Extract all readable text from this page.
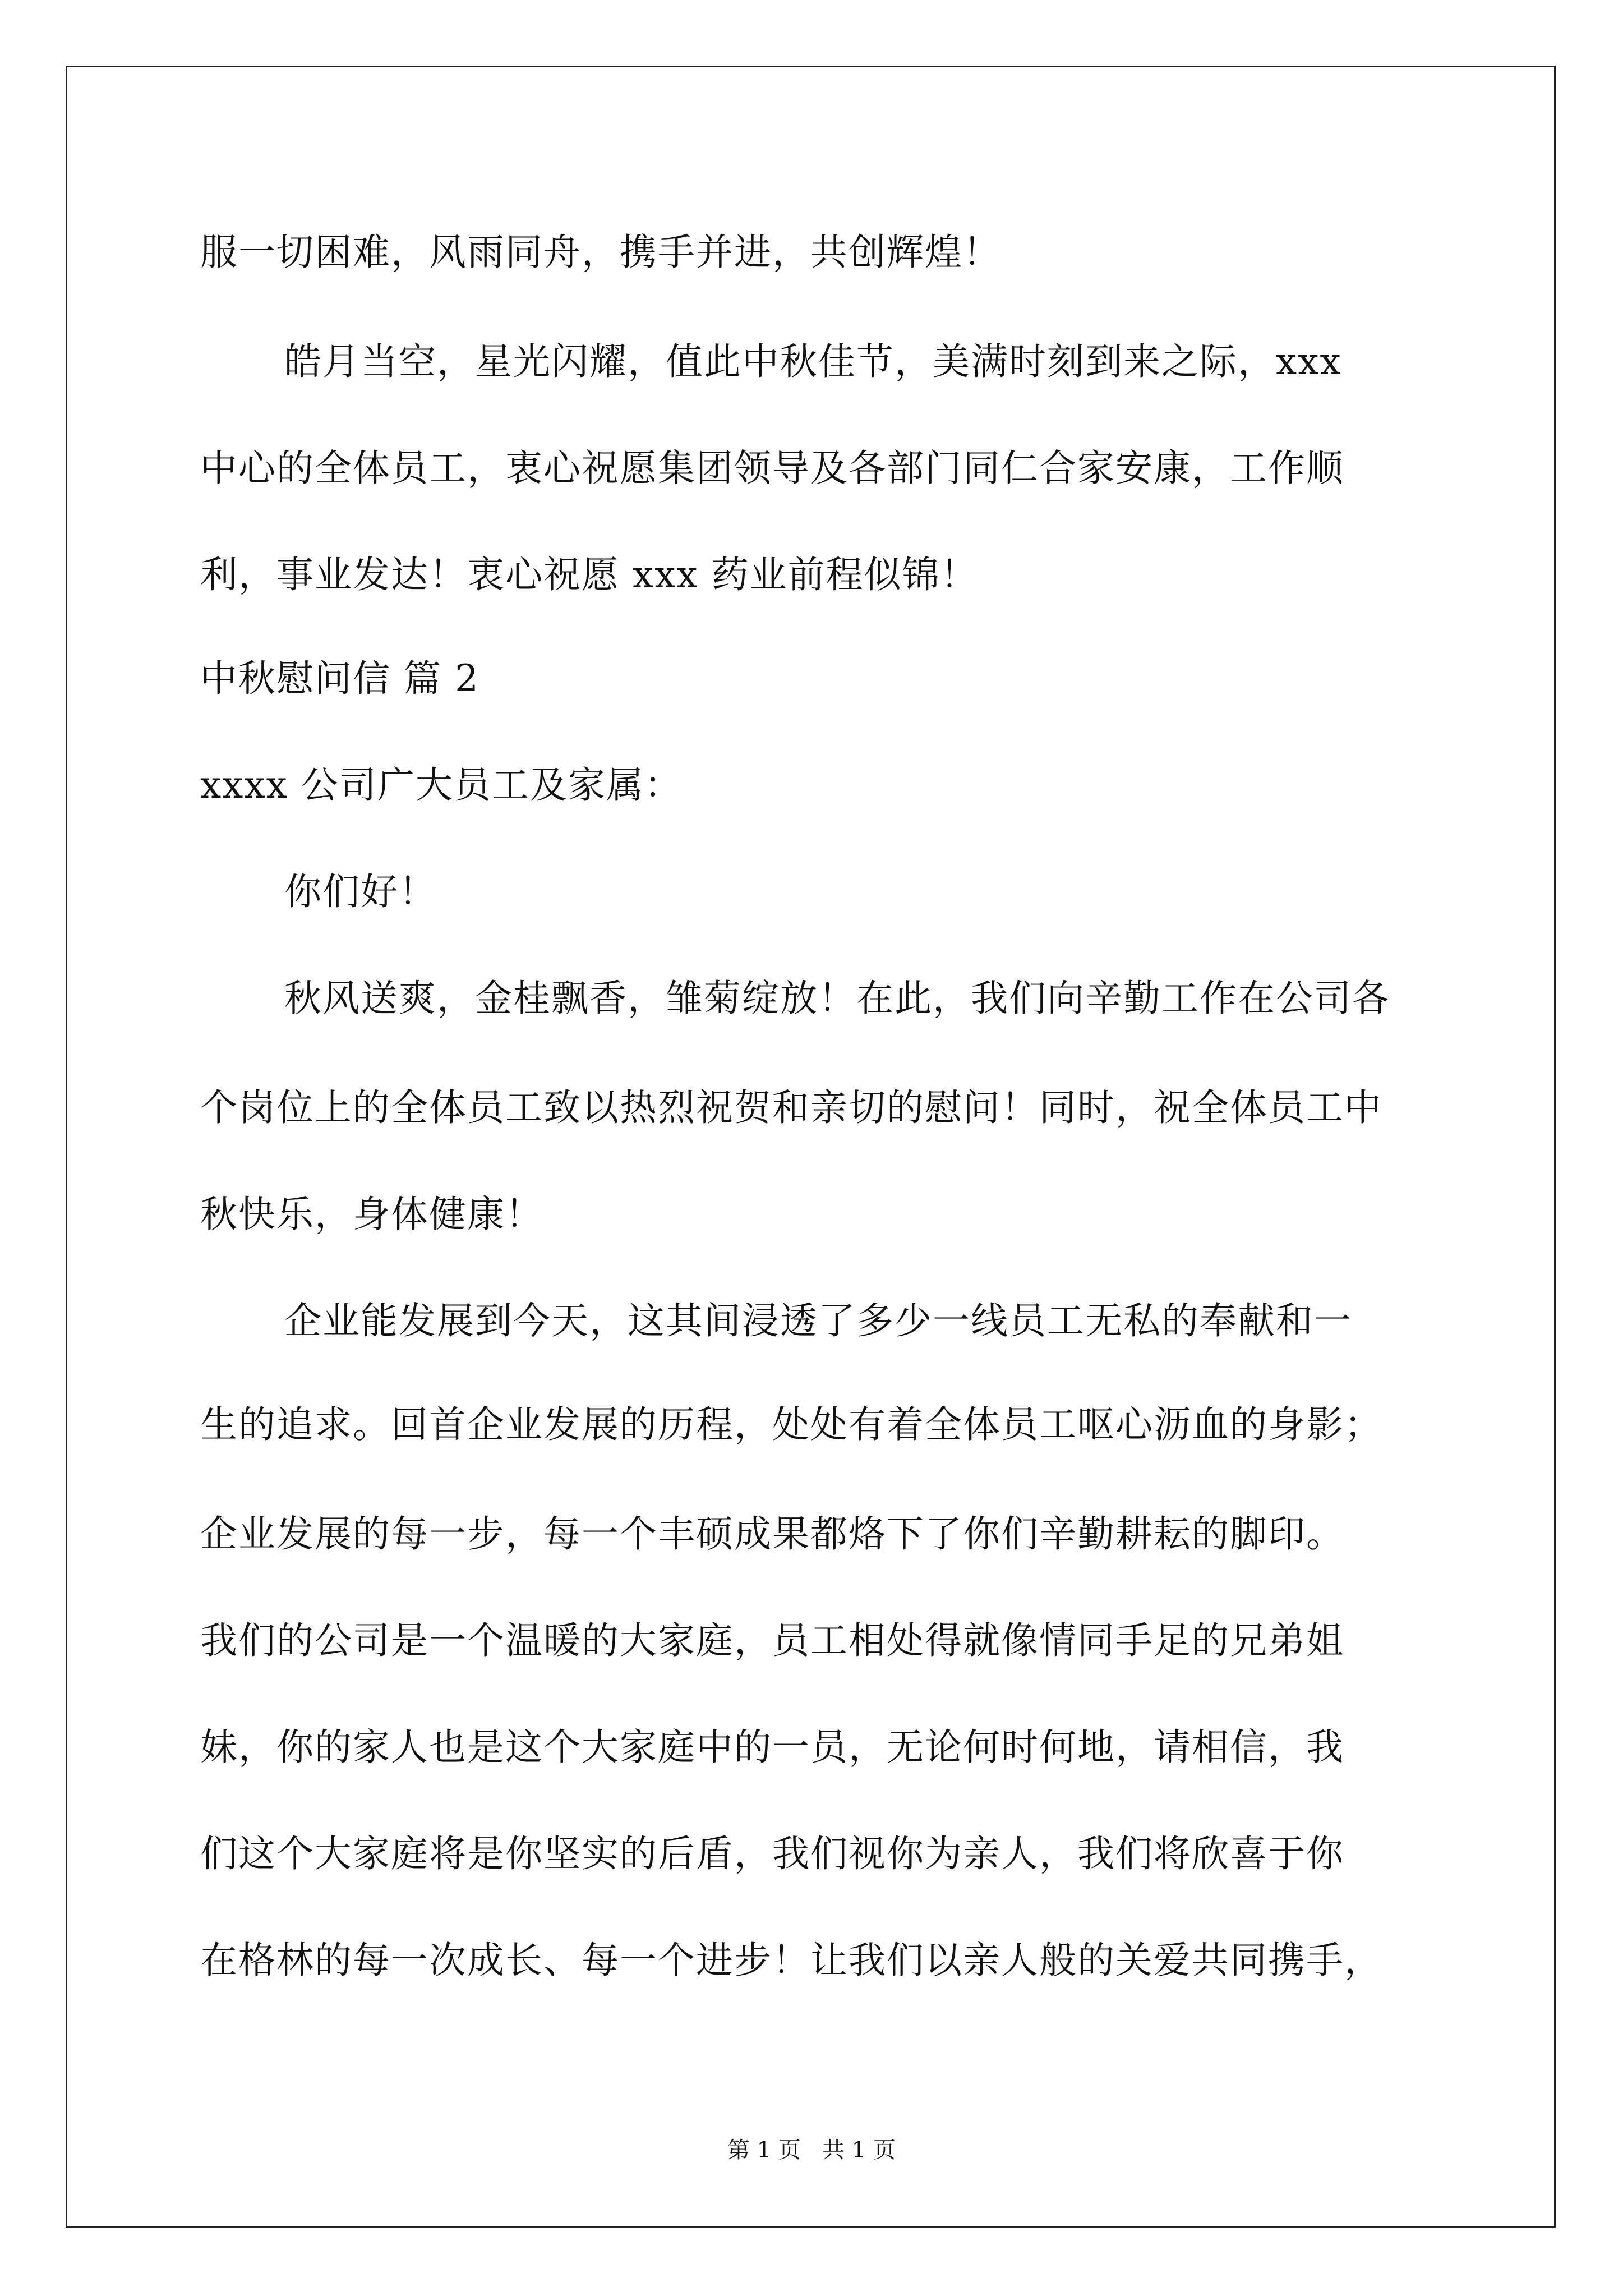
服一切困难，风雨同舟，携手并进，共创辉煌！
皓月当空，星光闪耀，值此中秋佳节，美满时刻到来之际，xxx
中心的全体员工，衷心祝愿集团领导及各部门同仁合家安康，工作顺
利，事业发达！衷心祝愿 xxx 药业前程似锦！
中秋慰问信 篇 2
xxxx 公司广大员工及家属：
你们好！
秋风送爽，金桂飘香，雏菊绽放！在此，我们向辛勤工作在公司各
个岗位上的全体员工致以热烈祝贺和亲切的慰问！同时，祝全体员工中
秋快乐，身体健康！
企业能发展到今天，这其间浸透了多少一线员工无私的奉献和一
生的追求。回首企业发展的历程，处处有着全体员工呕心沥血的身影；
企业发展的每一步，每一个丰硕成果都烙下了你们辛勤耕耘的脚印。
我们的公司是一个温暖的大家庭，员工相处得就像情同手足的兄弟姐
妹，你的家人也是这个大家庭中的一员，无论何时何地，请相信，我
们这个大家庭将是你坚实的后盾，我们视你为亲人，我们将欣喜于你
在格林的每一次成长、每一个进步！让我们以亲人般的关爱共同携手，
第 1 页   共 1 页
